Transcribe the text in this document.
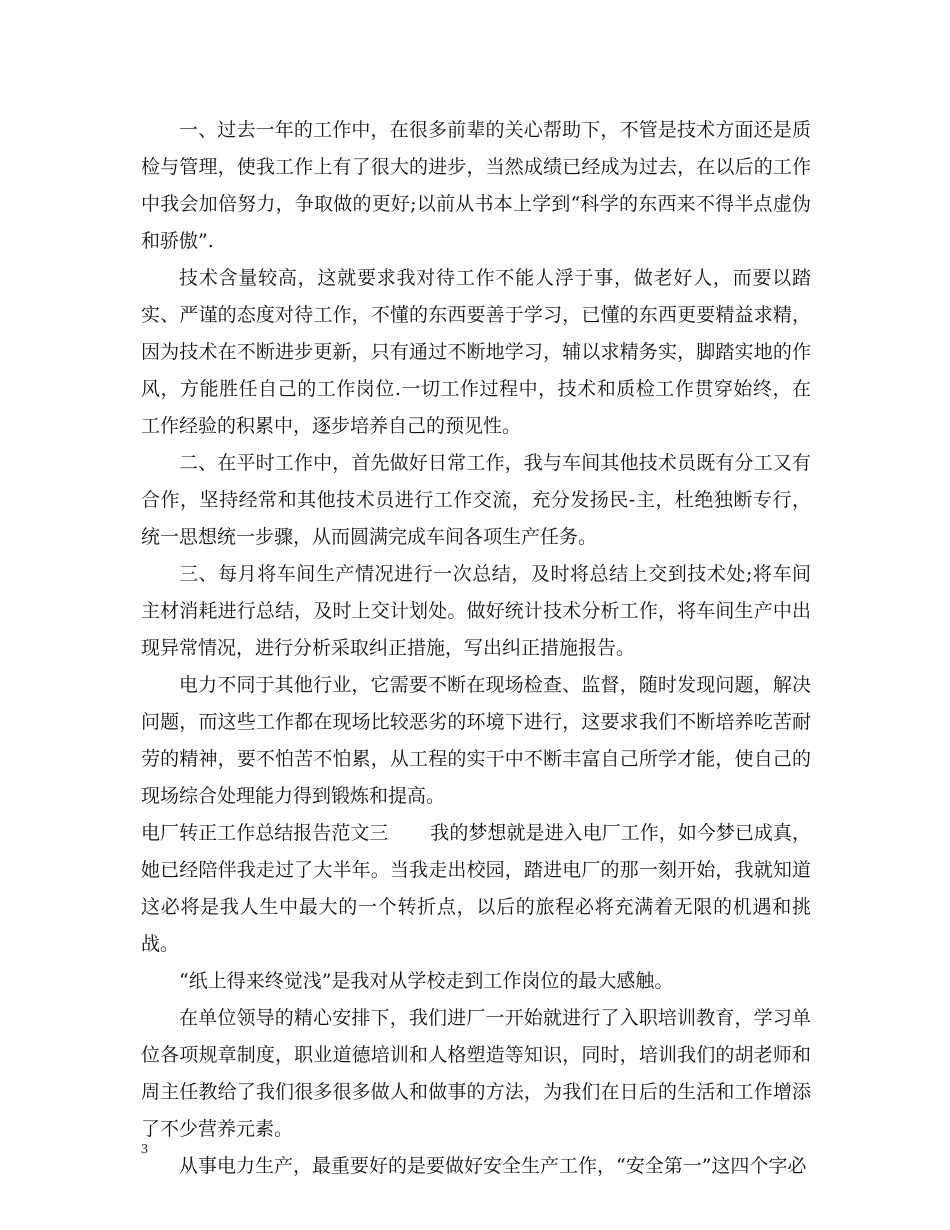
一、过去一年的工作中，在很多前辈的关心帮助下，不管是技术方面还是质检与管理，使我工作上有了很大的进步，当然成绩已经成为过去，在以后的工作中我会加倍努力，争取做的更好;以前从书本上学到“科学的东西来不得半点虚伪和骄傲”.

技术含量较高，这就要求我对待工作不能人浮于事，做老好人，而要以踏实、严谨的态度对待工作，不懂的东西要善于学习，已懂的东西更要精益求精，因为技术在不断进步更新，只有通过不断地学习，辅以求精务实，脚踏实地的作风，方能胜任自己的工作岗位.一切工作过程中，技术和质检工作贯穿始终，在工作经验的积累中，逐步培养自己的预见性。

二、在平时工作中，首先做好日常工作，我与车间其他技术员既有分工又有合作，坚持经常和其他技术员进行工作交流，充分发扬民-主，杜绝独断专行，统一思想统一步骤，从而圆满完成车间各项生产任务。

三、每月将车间生产情况进行一次总结，及时将总结上交到技术处;将车间主材消耗进行总结，及时上交计划处。做好统计技术分析工作，将车间生产中出现异常情况，进行分析采取纠正措施，写出纠正措施报告。

电力不同于其他行业，它需要不断在现场检查、监督，随时发现问题，解决问题，而这些工作都在现场比较恶劣的环境下进行，这要求我们不断培养吃苦耐劳的精神，要不怕苦不怕累，从工程的实干中不断丰富自己所学才能，使自己的现场综合处理能力得到锻炼和提高。

电厂转正工作总结报告范文三 我的梦想就是进入电厂工作，如今梦已成真，她已经陪伴我走过了大半年。当我走出校园，踏进电厂的那一刻开始，我就知道这必将是我人生中最大的一个转折点，以后的旅程必将充满着无限的机遇和挑战。

“纸上得来终觉浅”是我对从学校走到工作岗位的最大感触。

在单位领导的精心安排下，我们进厂一开始就进行了入职培训教育，学习单位各项规章制度，职业道德培训和人格塑造等知识，同时，培训我们的胡老师和周主任教给了我们很多很多做人和做事的方法，为我们在日后的生活和工作增添了不少营养元素。

从事电力生产，最重要好的是要做好安全生产工作，“安全第一”这四个字必

3
